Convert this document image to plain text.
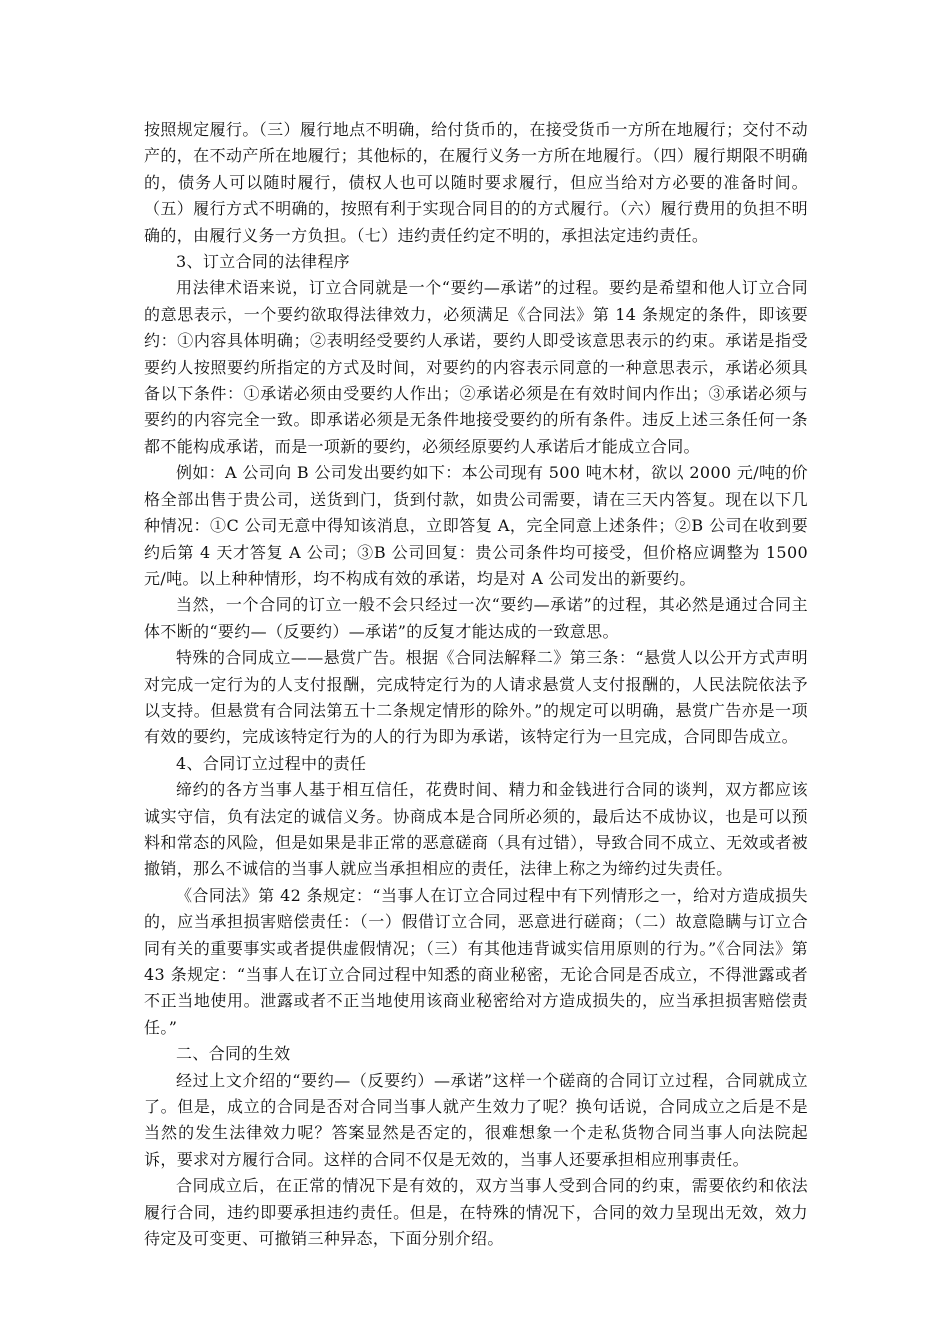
按照规定履行。（三）履行地点不明确，给付货币的，在接受货币一方所在地履行；交付不动产的，在不动产所在地履行；其他标的，在履行义务一方所在地履行。（四）履行期限不明确的，债务人可以随时履行，债权人也可以随时要求履行，但应当给对方必要的准备时间。（五）履行方式不明确的，按照有利于实现合同目的的方式履行。（六）履行费用的负担不明确的，由履行义务一方负担。（七）违约责任约定不明的，承担法定违约责任。

3、订立合同的法律程序

用法律术语来说，订立合同就是一个“要约—承诺”的过程。要约是希望和他人订立合同的意思表示，一个要约欲取得法律效力，必须满足《合同法》第 14 条规定的条件，即该要约：①内容具体明确；②表明经受要约人承诺，要约人即受该意思表示的约束。承诺是指受要约人按照要约所指定的方式及时间，对要约的内容表示同意的一种意思表示，承诺必须具备以下条件：①承诺必须由受要约人作出；②承诺必须是在有效时间内作出；③承诺必须与要约的内容完全一致。即承诺必须是无条件地接受要约的所有条件。违反上述三条任何一条都不能构成承诺，而是一项新的要约，必须经原要约人承诺后才能成立合同。

例如：A 公司向 B 公司发出要约如下：本公司现有 500 吨木材，欲以 2000 元/吨的价格全部出售于贵公司，送货到门，货到付款，如贵公司需要，请在三天内答复。现在以下几种情况：①C 公司无意中得知该消息，立即答复 A，完全同意上述条件；②B 公司在收到要约后第 4 天才答复 A 公司；③B 公司回复：贵公司条件均可接受，但价格应调整为 1500 元/吨。以上种种情形，均不构成有效的承诺，均是对 A 公司发出的新要约。

当然，一个合同的订立一般不会只经过一次“要约—承诺”的过程，其必然是通过合同主体不断的“要约—（反要约）—承诺”的反复才能达成的一致意思。

特殊的合同成立——悬赏广告。根据《合同法解释二》第三条：“悬赏人以公开方式声明对完成一定行为的人支付报酬，完成特定行为的人请求悬赏人支付报酬的，人民法院依法予以支持。但悬赏有合同法第五十二条规定情形的除外。”的规定可以明确，悬赏广告亦是一项有效的要约，完成该特定行为的人的行为即为承诺，该特定行为一旦完成，合同即告成立。

4、合同订立过程中的责任

缔约的各方当事人基于相互信任，花费时间、精力和金钱进行合同的谈判，双方都应该诚实守信，负有法定的诚信义务。协商成本是合同所必须的，最后达不成协议，也是可以预料和常态的风险，但是如果是非正常的恶意磋商（具有过错），导致合同不成立、无效或者被撤销，那么不诚信的当事人就应当承担相应的责任，法律上称之为缔约过失责任。

《合同法》第 42 条规定：“当事人在订立合同过程中有下列情形之一，给对方造成损失的，应当承担损害赔偿责任：（一）假借订立合同，恶意进行磋商；（二）故意隐瞒与订立合同有关的重要事实或者提供虚假情况；（三）有其他违背诚实信用原则的行为。”《合同法》第 43 条规定：“当事人在订立合同过程中知悉的商业秘密，无论合同是否成立，不得泄露或者不正当地使用。泄露或者不正当地使用该商业秘密给对方造成损失的，应当承担损害赔偿责任。”

二、合同的生效

经过上文介绍的“要约—（反要约）—承诺”这样一个磋商的合同订立过程，合同就成立了。但是，成立的合同是否对合同当事人就产生效力了呢？换句话说，合同成立之后是不是当然的发生法律效力呢？答案显然是否定的，很难想象一个走私货物合同当事人向法院起诉，要求对方履行合同。这样的合同不仅是无效的，当事人还要承担相应刑事责任。

合同成立后，在正常的情况下是有效的，双方当事人受到合同的约束，需要依约和依法履行合同，违约即要承担违约责任。但是，在特殊的情况下，合同的效力呈现出无效，效力待定及可变更、可撤销三种异态，下面分别介绍。
